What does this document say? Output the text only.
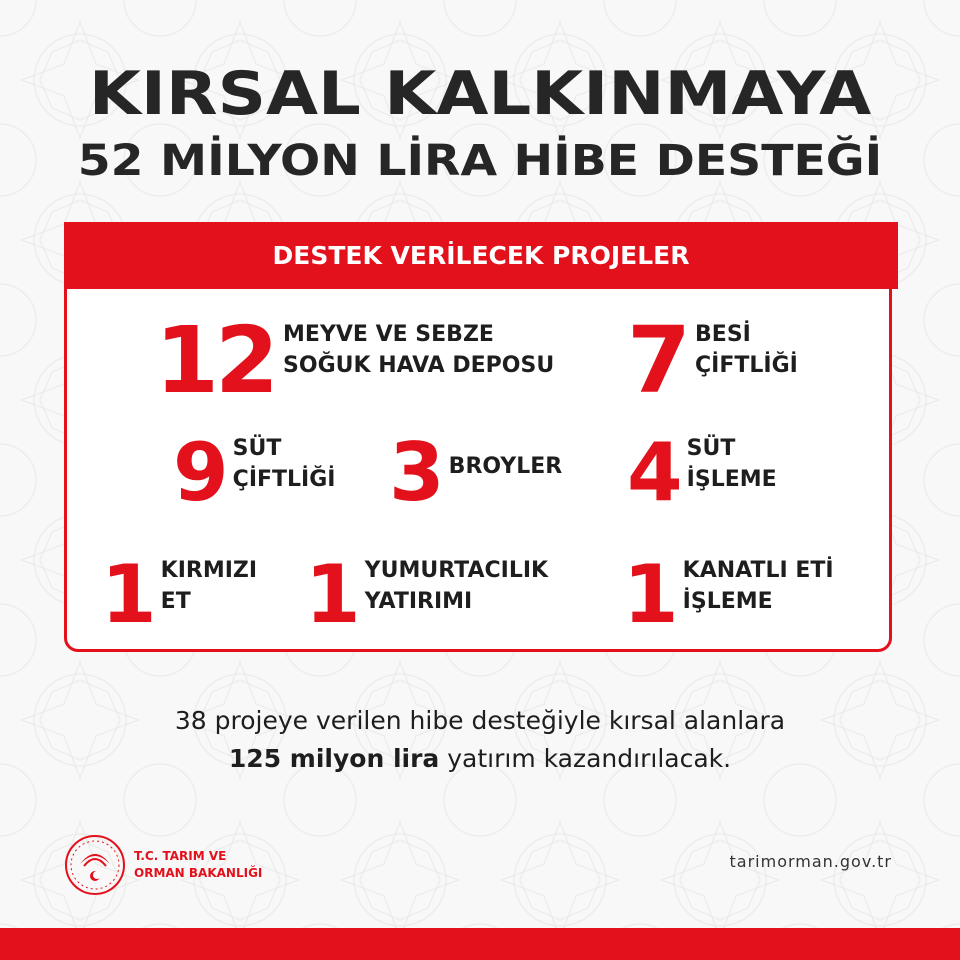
KIRSAL KALKINMAYA
52 MİLYON LİRA HİBE DESTEĞİ
DESTEK VERİLECEK PROJELER
12 MEYVE VE SEBZE
SOĞUK HAVA DEPOSU 7 BESİ
ÇİFTLİĞİ
9 SÜT
ÇİFTLİĞİ 3 BROYLER 4 SÜT
İŞLEME
1 KIRMIZI
ET	1 YUMURTACILIK
YATIRIMI	1 KANATLI ETİ
İŞLEME
38 projeye verilen hibe desteğiyle kırsal alanlara
125 milyon lira yatırım kazandırılacak.
T.C. TARIM VE
ORMAN BAKANLIĞI
tarimorman.gov.tr
